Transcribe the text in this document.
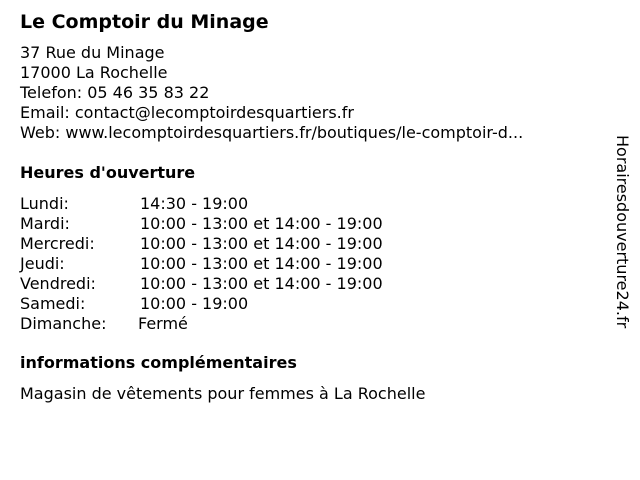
Le Comptoir du Minage
37 Rue du Minage
17000 La Rochelle
Telefon: 05 46 35 83 22
Email: contact@lecomptoirdesquartiers.fr
Web: www.lecomptoirdesquartiers.fr/boutiques/le-comptoir-d...
Heures d'ouverture
Lundi:	14:30 - 19:00
Mardi:	10:00 - 13:00 et 14:00 - 19:00
Mercredi:	10:00 - 13:00 et 14:00 - 19:00
Jeudi:	10:00 - 13:00 et 14:00 - 19:00
Vendredi:	10:00 - 13:00 et 14:00 - 19:00
Samedi:	10:00 - 19:00
Dimanche: Fermé
informations complémentaires
Magasin de vêtements pour femmes à La Rochelle
Horairesdouverture24.fr
